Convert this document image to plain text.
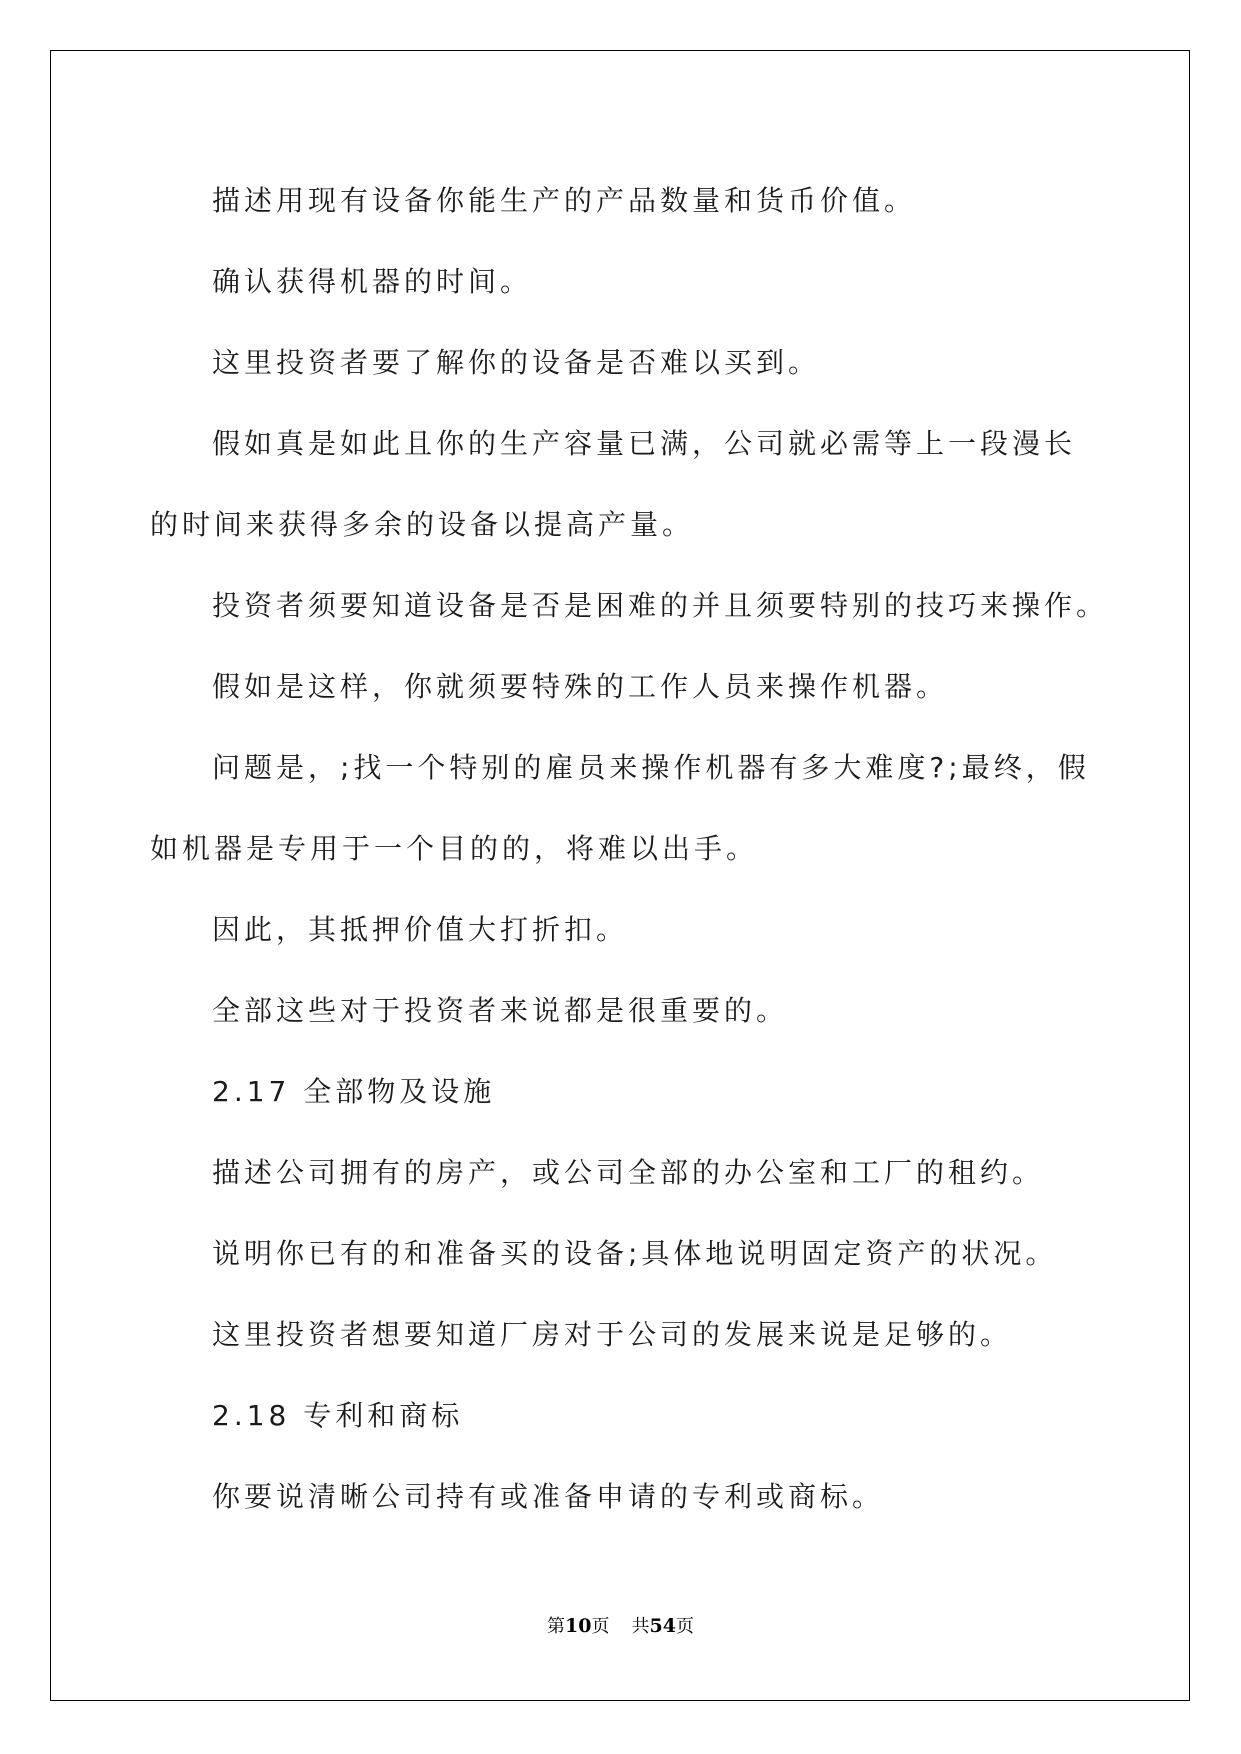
描述用现有设备你能生产的产品数量和货币价值。

确认获得机器的时间。

这里投资者要了解你的设备是否难以买到。

假如真是如此且你的生产容量已满，公司就必需等上一段漫长的时间来获得多余的设备以提高产量。

投资者须要知道设备是否是困难的并且须要特别的技巧来操作。

假如是这样，你就须要特殊的工作人员来操作机器。

问题是，;找一个特别的雇员来操作机器有多大难度?;最终，假如机器是专用于一个目的的，将难以出手。

因此，其抵押价值大打折扣。

全部这些对于投资者来说都是很重要的。

2.17 全部物及设施

描述公司拥有的房产，或公司全部的办公室和工厂的租约。

说明你已有的和准备买的设备;具体地说明固定资产的状况。

这里投资者想要知道厂房对于公司的发展来说是足够的。

2.18 专利和商标

你要说清晰公司持有或准备申请的专利或商标。

第10页 共54页
